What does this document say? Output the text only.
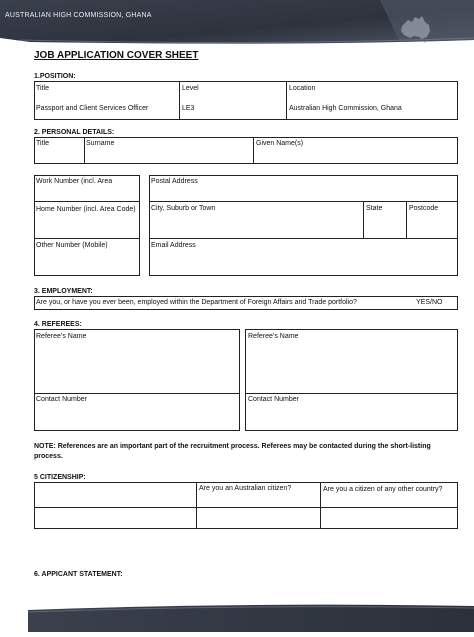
AUSTRALIAN HIGH COMMISSION, GHANA
JOB APPLICATION COVER SHEET
1.POSITION:
Title	Level	Location
Passport and Client Services Officer	LE3	Australian High Commission, Ghana
2. PERSONAL DETAILS:
Title	Surname	Given Name(s)
Work Number (incl. Area
Home Number (incl. Area Code)
Other Number (Mobile)
Postal Address
City, Suburb or Town	State	Postcode
Email Address
3. EMPLOYMENT:
Are you, or have you ever been, employed within the Department of Foreign Affairs and Trade portfolio?	YES/NO
4. REFEREES:
Referee’s Name
Contact Number
Referee’s Name
Contact Number
NOTE: References are an important part of the recruitment process. Referees may be contacted during the short-listing process.
5 CITIZENSHIP:
Are you an Australian citizen?	Are you a citizen of any other country?
6. APPICANT STATEMENT:
